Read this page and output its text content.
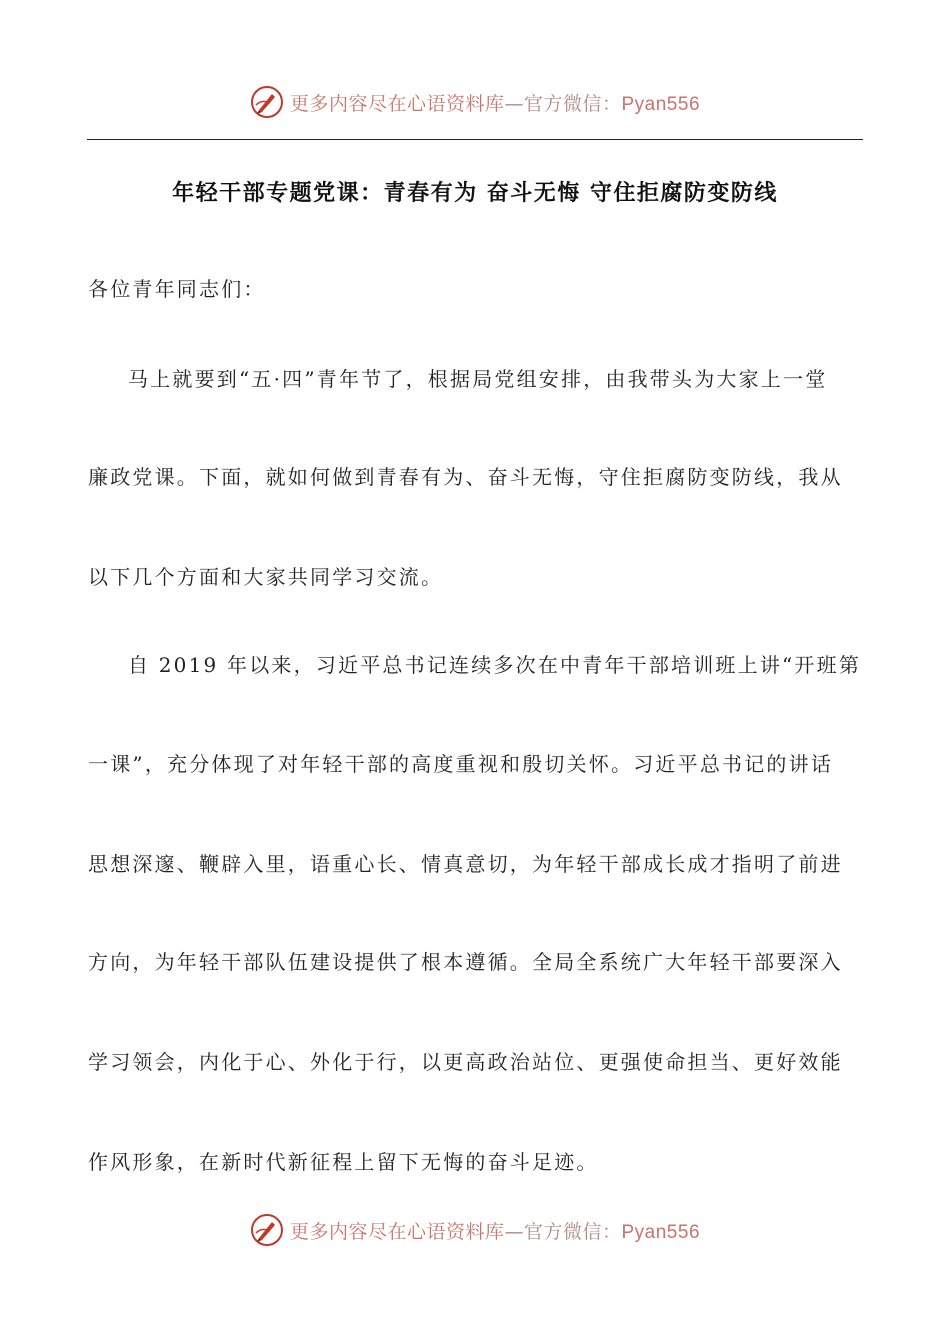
更多内容尽在心语资料库—官方微信：Pyan556
年轻干部专题党课：青春有为 奋斗无悔 守住拒腐防变防线
各位青年同志们：
马上就要到“五·四”青年节了，根据局党组安排，由我带头为大家上一堂
廉政党课。下面，就如何做到青春有为、奋斗无悔，守住拒腐防变防线，我从
以下几个方面和大家共同学习交流。
自 2019 年以来，习近平总书记连续多次在中青年干部培训班上讲“开班第
一课”，充分体现了对年轻干部的高度重视和殷切关怀。习近平总书记的讲话
思想深邃、鞭辟入里，语重心长、情真意切，为年轻干部成长成才指明了前进
方向，为年轻干部队伍建设提供了根本遵循。全局全系统广大年轻干部要深入
学习领会，内化于心、外化于行，以更高政治站位、更强使命担当、更好效能
作风形象，在新时代新征程上留下无悔的奋斗足迹。
更多内容尽在心语资料库—官方微信：Pyan556
